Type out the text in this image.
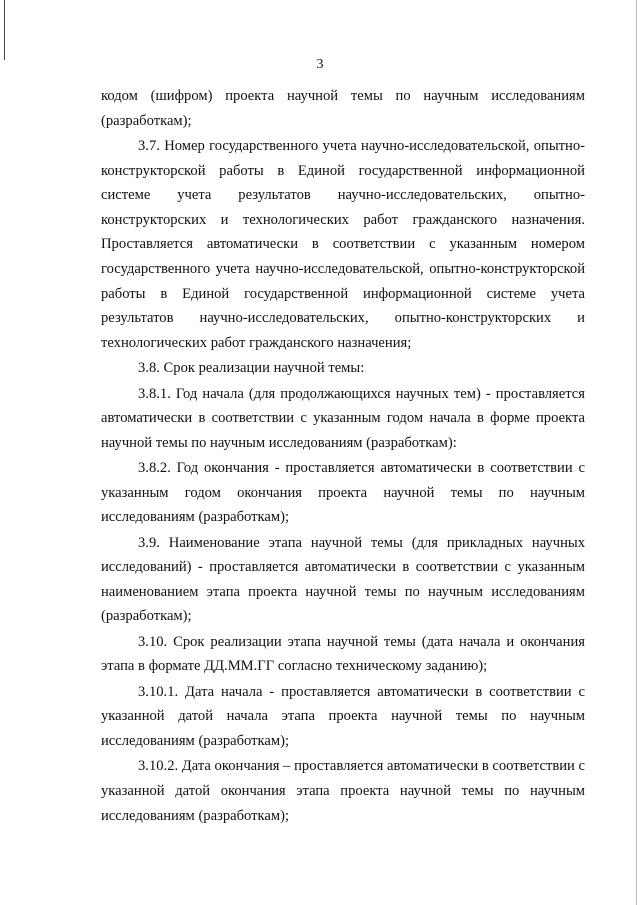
3

кодом (шифром) проекта научной темы по научным исследованиям (разработкам);

3.7. Номер государственного учета научно-исследовательской, опытно-конструкторской работы в Единой государственной информационной системе учета результатов научно-исследовательских, опытно-конструкторских и технологических работ гражданского назначения. Проставляется автоматически в соответствии с указанным номером государственного учета научно-исследовательской, опытно-конструкторской работы в Единой государственной информационной системе учета результатов научно-исследовательских, опытно-конструкторских и технологических работ гражданского назначения;

3.8. Срок реализации научной темы:

3.8.1. Год начала (для продолжающихся научных тем) - проставляется автоматически в соответствии с указанным годом начала в форме проекта научной темы по научным исследованиям (разработкам):

3.8.2. Год окончания - проставляется автоматически в соответствии с указанным годом окончания проекта научной темы по научным исследованиям (разработкам);

3.9. Наименование этапа научной темы (для прикладных научных исследований) - проставляется автоматически в соответствии с указанным наименованием этапа проекта научной темы по научным исследованиям (разработкам);

3.10. Срок реализации этапа научной темы (дата начала и окончания этапа в формате ДД.ММ.ГГ согласно техническому заданию);

3.10.1. Дата начала - проставляется автоматически в соответствии с указанной датой начала этапа проекта научной темы по научным исследованиям (разработкам);

3.10.2. Дата окончания – проставляется автоматически в соответствии с указанной датой окончания этапа проекта научной темы по научным исследованиям (разработкам);
